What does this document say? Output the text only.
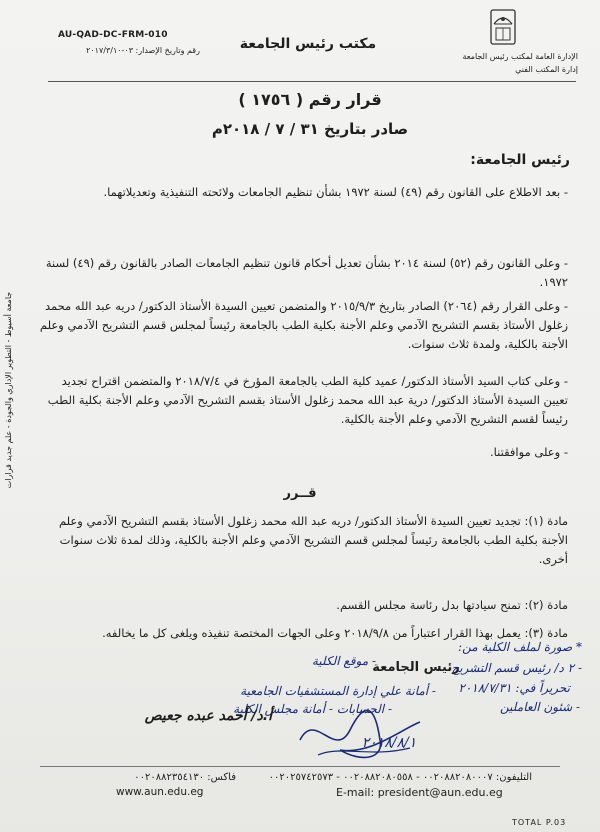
AU-QAD-DC-FRM-010
رقم وتاريخ الإصدار: ٠٣-٢٠١٧/٣/١٠	مكتب رئيس الجامعة
الإدارة العامة لمكتب رئيس الجامعة
إدارة المكتب الفني
قرار رقم ( ١٧٥٦ )
صادر بتاريخ ٣١ / ٧ / ٢٠١٨م
رئيس الجامعة:
- بعد الاطلاع على القانون رقم (٤٩) لسنة ١٩٧٢ بشأن تنظيم الجامعات ولائحته التنفيذية وتعديلاتهما.
- وعلى القانون رقم (٥٢) لسنة ٢٠١٤ بشأن تعديل أحكام قانون تنظيم الجامعات الصادر بالقانون رقم (٤٩) لسنة ١٩٧٢.
- وعلى القرار رقم (٢٠٦٤) الصادر بتاريخ ٢٠١٥/٩/٣ والمتضمن تعيين السيدة الأستاذ الدكتور/ دريه عبد الله محمد زغلول الأستاذ بقسم التشريح الآدمي وعلم الأجنة بكلية الطب بالجامعة رئيساً لمجلس قسم التشريح الآدمي وعلم الأجنة بالكلية، ولمدة ثلاث سنوات.
- وعلى كتاب السيد الأستاذ الدكتور/ عميد كلية الطب بالجامعة المؤرخ في ٢٠١٨/٧/٤ والمتضمن اقتراح تجديد تعيين السيدة الأستاذ الدكتور/ درية عبد الله محمد زغلول الأستاذ بقسم التشريح الآدمي وعلم الأجنة بكلية الطب رئيساً لقسم التشريح الآدمي وعلم الأجنة بالكلية.
- وعلى موافقتنا.
قــرر
مادة (١): تجديد تعيين السيدة الأستاذ الدكتور/ دريه عبد الله محمد زغلول الأستاذ بقسم التشريح الآدمي وعلم الأجنة بكلية الطب بالجامعة رئيساً لمجلس قسم التشريح الآدمي وعلم الأجنة بالكلية، وذلك لمدة ثلاث سنوات أخرى.
مادة (٢): تمنح سيادتها بدل رئاسة مجلس القسم.
مادة (٣): يعمل بهذا القرار اعتباراً من ٢٠١٨/٩/٨ وعلى الجهات المختصة تنفيذه ويلغى كل ما يخالفه.
رئيس الجامعة
- موقع الكلية
* صورة لملف الكلية من:
- ٢ د/ رئيس قسم التشريح
- أمانة علي إدارة المستشفيات الجامعية
- الحسابات - أمانة مجلس الكلية
تحريراً في: ٢٠١٨/٧/٣١
- شئون العاملين
٢٠١٨/٨/١
أ.د/ أحمد عبده جعيص
جامعة أسيوط - التطوير الإداري والجودة - علم جديد قرارات
فاكس: ٠٠٢٠٨٨٢٣٥٤١٣٠	التليفون: ٠٠٢٠٨٨٢٠٨٠٠٠٧ - ٠٠٢٠٨٨٢٠٨٠٥٥٨ - ٠٠٢٠٢٥٧٤٢٥٧٣
www.aun.edu.eg	E-mail: president@aun.edu.eg
TOTAL P.03
